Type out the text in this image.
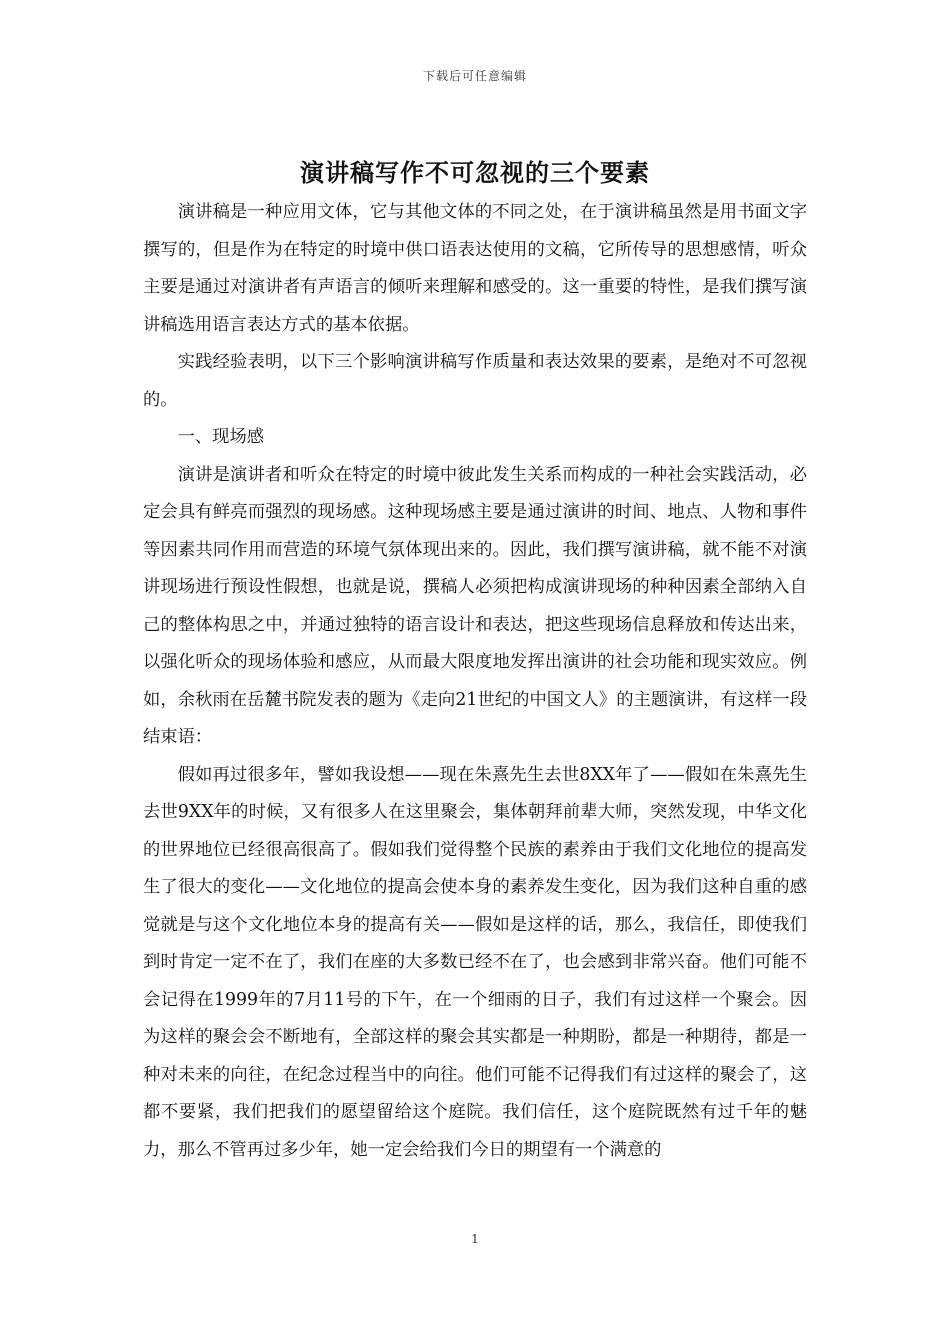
下载后可任意编辑
演讲稿写作不可忽视的三个要素

演讲稿是一种应用文体，它与其他文体的不同之处，在于演讲稿虽然是用书面文字撰写的，但是作为在特定的时境中供口语表达使用的文稿，它所传导的思想感情，听众主要是通过对演讲者有声语言的倾听来理解和感受的。这一重要的特性，是我们撰写演讲稿选用语言表达方式的基本依据。

实践经验表明，以下三个影响演讲稿写作质量和表达效果的要素，是绝对不可忽视的。

一、现场感

演讲是演讲者和听众在特定的时境中彼此发生关系而构成的一种社会实践活动，必定会具有鲜亮而强烈的现场感。这种现场感主要是通过演讲的时间、地点、人物和事件等因素共同作用而营造的环境气氛体现出来的。因此，我们撰写演讲稿，就不能不对演讲现场进行预设性假想，也就是说，撰稿人必须把构成演讲现场的种种因素全部纳入自己的整体构思之中，并通过独特的语言设计和表达，把这些现场信息释放和传达出来，以强化听众的现场体验和感应，从而最大限度地发挥出演讲的社会功能和现实效应。例如，余秋雨在岳麓书院发表的题为《走向21世纪的中国文人》的主题演讲，有这样一段结束语：

假如再过很多年，譬如我设想——现在朱熹先生去世8XX年了——假如在朱熹先生去世9XX年的时候，又有很多人在这里聚会，集体朝拜前辈大师，突然发现，中华文化的世界地位已经很高很高了。假如我们觉得整个民族的素养由于我们文化地位的提高发生了很大的变化——文化地位的提高会使本身的素养发生变化，因为我们这种自重的感觉就是与这个文化地位本身的提高有关——假如是这样的话，那么，我信任，即使我们到时肯定一定不在了，我们在座的大多数已经不在了，也会感到非常兴奋。他们可能不会记得在1999年的7月11号的下午，在一个细雨的日子，我们有过这样一个聚会。因为这样的聚会会不断地有，全部这样的聚会其实都是一种期盼，都是一种期待，都是一种对未来的向往，在纪念过程当中的向往。他们可能不记得我们有过这样的聚会了，这都不要紧，我们把我们的愿望留给这个庭院。我们信任，这个庭院既然有过千年的魅力，那么不管再过多少年，她一定会给我们今日的期望有一个满意的

1
